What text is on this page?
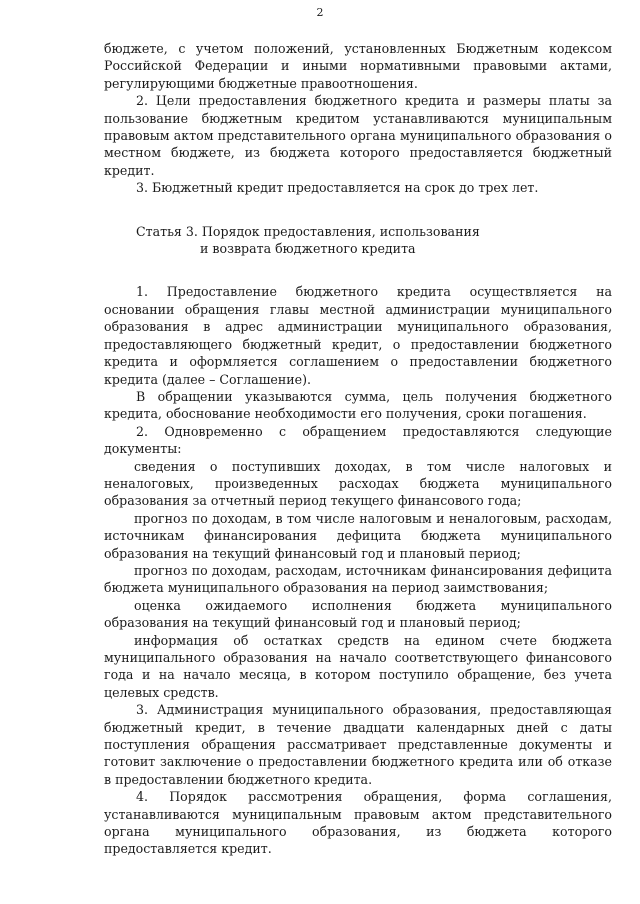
2

бюджете, с учетом положений, установленных Бюджетным кодексом Российской Федерации и иными нормативными правовыми актами, регулирующими бюджетные правоотношения.

2. Цели предоставления бюджетного кредита и размеры платы за пользование бюджетным кредитом устанавливаются муниципальным правовым актом представительного органа муниципального образования о местном бюджете, из бюджета которого предоставляется бюджетный кредит.

3. Бюджетный кредит предоставляется на срок до трех лет.

Статья 3. Порядок предоставления, использования
и возврата бюджетного кредита

1. Предоставление бюджетного кредита осуществляется на основании обращения главы местной администрации муниципального образования в адрес администрации муниципального образования, предоставляющего бюджетный кредит, о предоставлении бюджетного кредита и оформляется соглашением о предоставлении бюджетного кредита (далее – Соглашение).

В обращении указываются сумма, цель получения бюджетного кредита, обоснование необходимости его получения, сроки погашения.

2. Одновременно с обращением предоставляются следующие документы:

сведения о поступивших доходах, в том числе налоговых и неналоговых, произведенных расходах бюджета муниципального образования за отчетный период текущего финансового года;

прогноз по доходам, в том числе налоговым и неналоговым, расходам, источникам финансирования дефицита бюджета муниципального образования на текущий финансовый год и плановый период;

прогноз по доходам, расходам, источникам финансирования дефицита бюджета муниципального образования на период заимствования;

оценка ожидаемого исполнения бюджета муниципального образования на текущий финансовый год и плановый период;

информация об остатках средств на едином счете бюджета муниципального образования на начало соответствующего финансового года и на начало месяца, в котором поступило обращение, без учета целевых средств.

3. Администрация муниципального образования, предоставляющая бюджетный кредит, в течение двадцати календарных дней с даты поступления обращения рассматривает представленные документы и готовит заключение о предоставлении бюджетного кредита или об отказе в предоставлении бюджетного кредита.

4. Порядок рассмотрения обращения, форма соглашения, устанавливаются муниципальным правовым актом представительного органа муниципального образования, из бюджета которого предоставляется кредит.
